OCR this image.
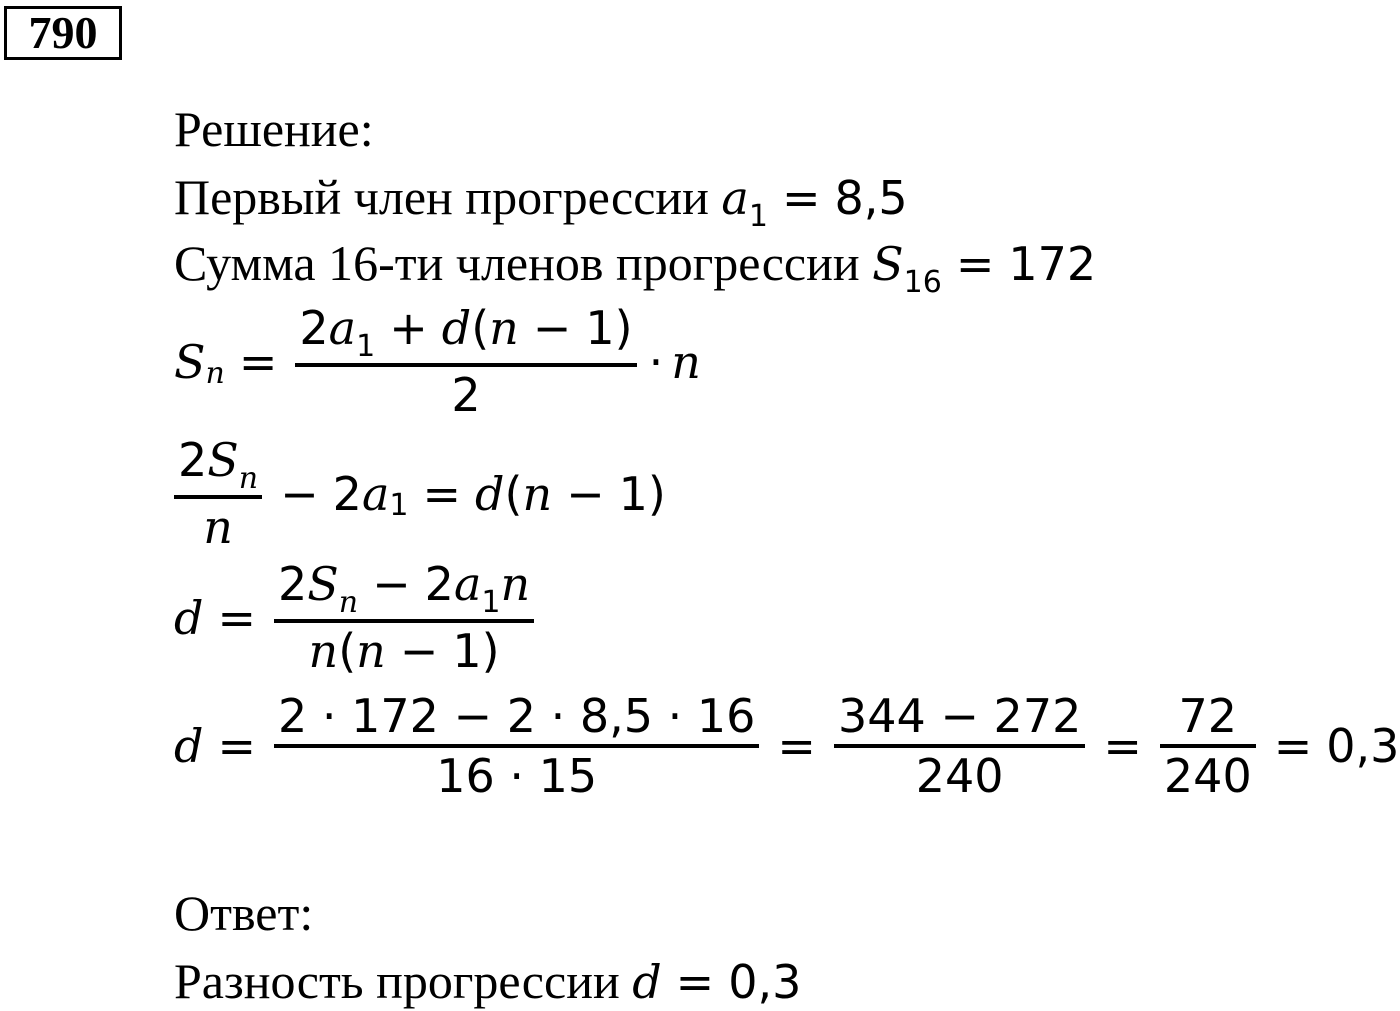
790
Решение:
Первый член прогрессии $a_1 = 8,5$
Сумма 16-ти членов прогрессии $S_{16} = 172$
S $n = \frac{2a_1 + d(n - 1)}{2} \cdot n$
$\frac{2S_n}{n} - 2$ a 1 = d ( n − 1 )
$d = \frac{2S_n - 2a_1n}{n(n - 1)}$
$d = \frac{2 \cdot 172 - 2 \cdot 8,5 \cdot 16}{16 \cdot 15} = \frac{344 - 272}{240} = \frac{72}{240} = 0,3$
Ответ:
Разность прогрессии d = 0,3
